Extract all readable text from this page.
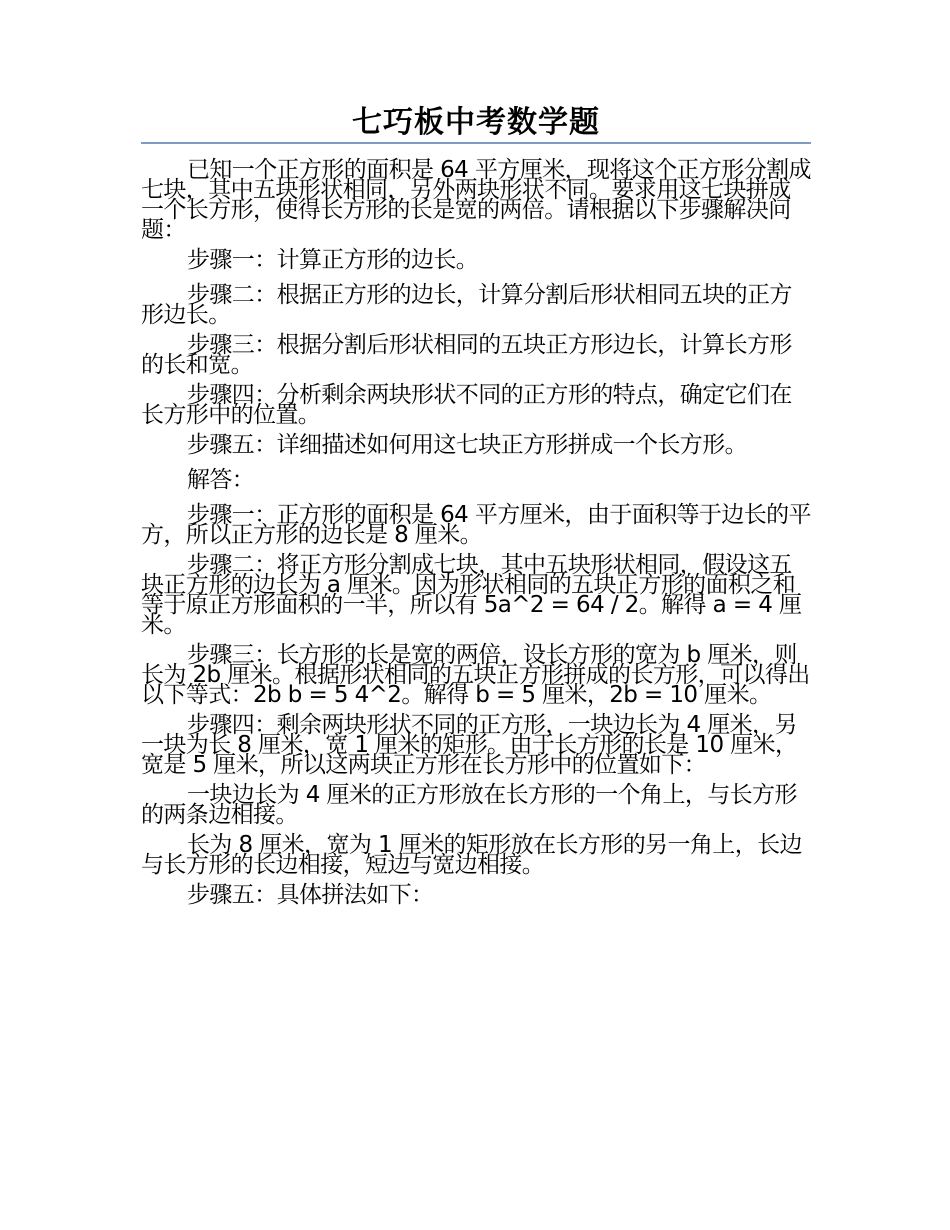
七巧板中考数学题

已知一个正方形的面积是 64 平方厘米，现将这个正方形分割成七块，其中五块形状相同，另外两块形状不同。要求用这七块拼成一个长方形，使得长方形的长是宽的两倍。请根据以下步骤解决问题：

步骤一：计算正方形的边长。

步骤二：根据正方形的边长，计算分割后形状相同五块的正方形边长。

步骤三：根据分割后形状相同的五块正方形边长，计算长方形的长和宽。

步骤四：分析剩余两块形状不同的正方形的特点，确定它们在长方形中的位置。

步骤五：详细描述如何用这七块正方形拼成一个长方形。

解答：

步骤一：正方形的面积是 64 平方厘米，由于面积等于边长的平方，所以正方形的边长是 8 厘米。

步骤二：将正方形分割成七块，其中五块形状相同，假设这五块正方形的边长为 a 厘米。因为形状相同的五块正方形的面积之和等于原正方形面积的一半，所以有 5a^2 = 64 / 2。解得 a = 4 厘米。

步骤三：长方形的长是宽的两倍，设长方形的宽为 b 厘米，则长为 2b 厘米。根据形状相同的五块正方形拼成的长方形，可以得出以下等式：2b b = 5 4^2。解得 b = 5 厘米，2b = 10 厘米。

步骤四：剩余两块形状不同的正方形，一块边长为 4 厘米，另一块为长 8 厘米，宽 1 厘米的矩形。由于长方形的长是 10 厘米，宽是 5 厘米，所以这两块正方形在长方形中的位置如下：

一块边长为 4 厘米的正方形放在长方形的一个角上，与长方形的两条边相接。

长为 8 厘米，宽为 1 厘米的矩形放在长方形的另一角上，长边与长方形的长边相接，短边与宽边相接。

步骤五：具体拼法如下：
